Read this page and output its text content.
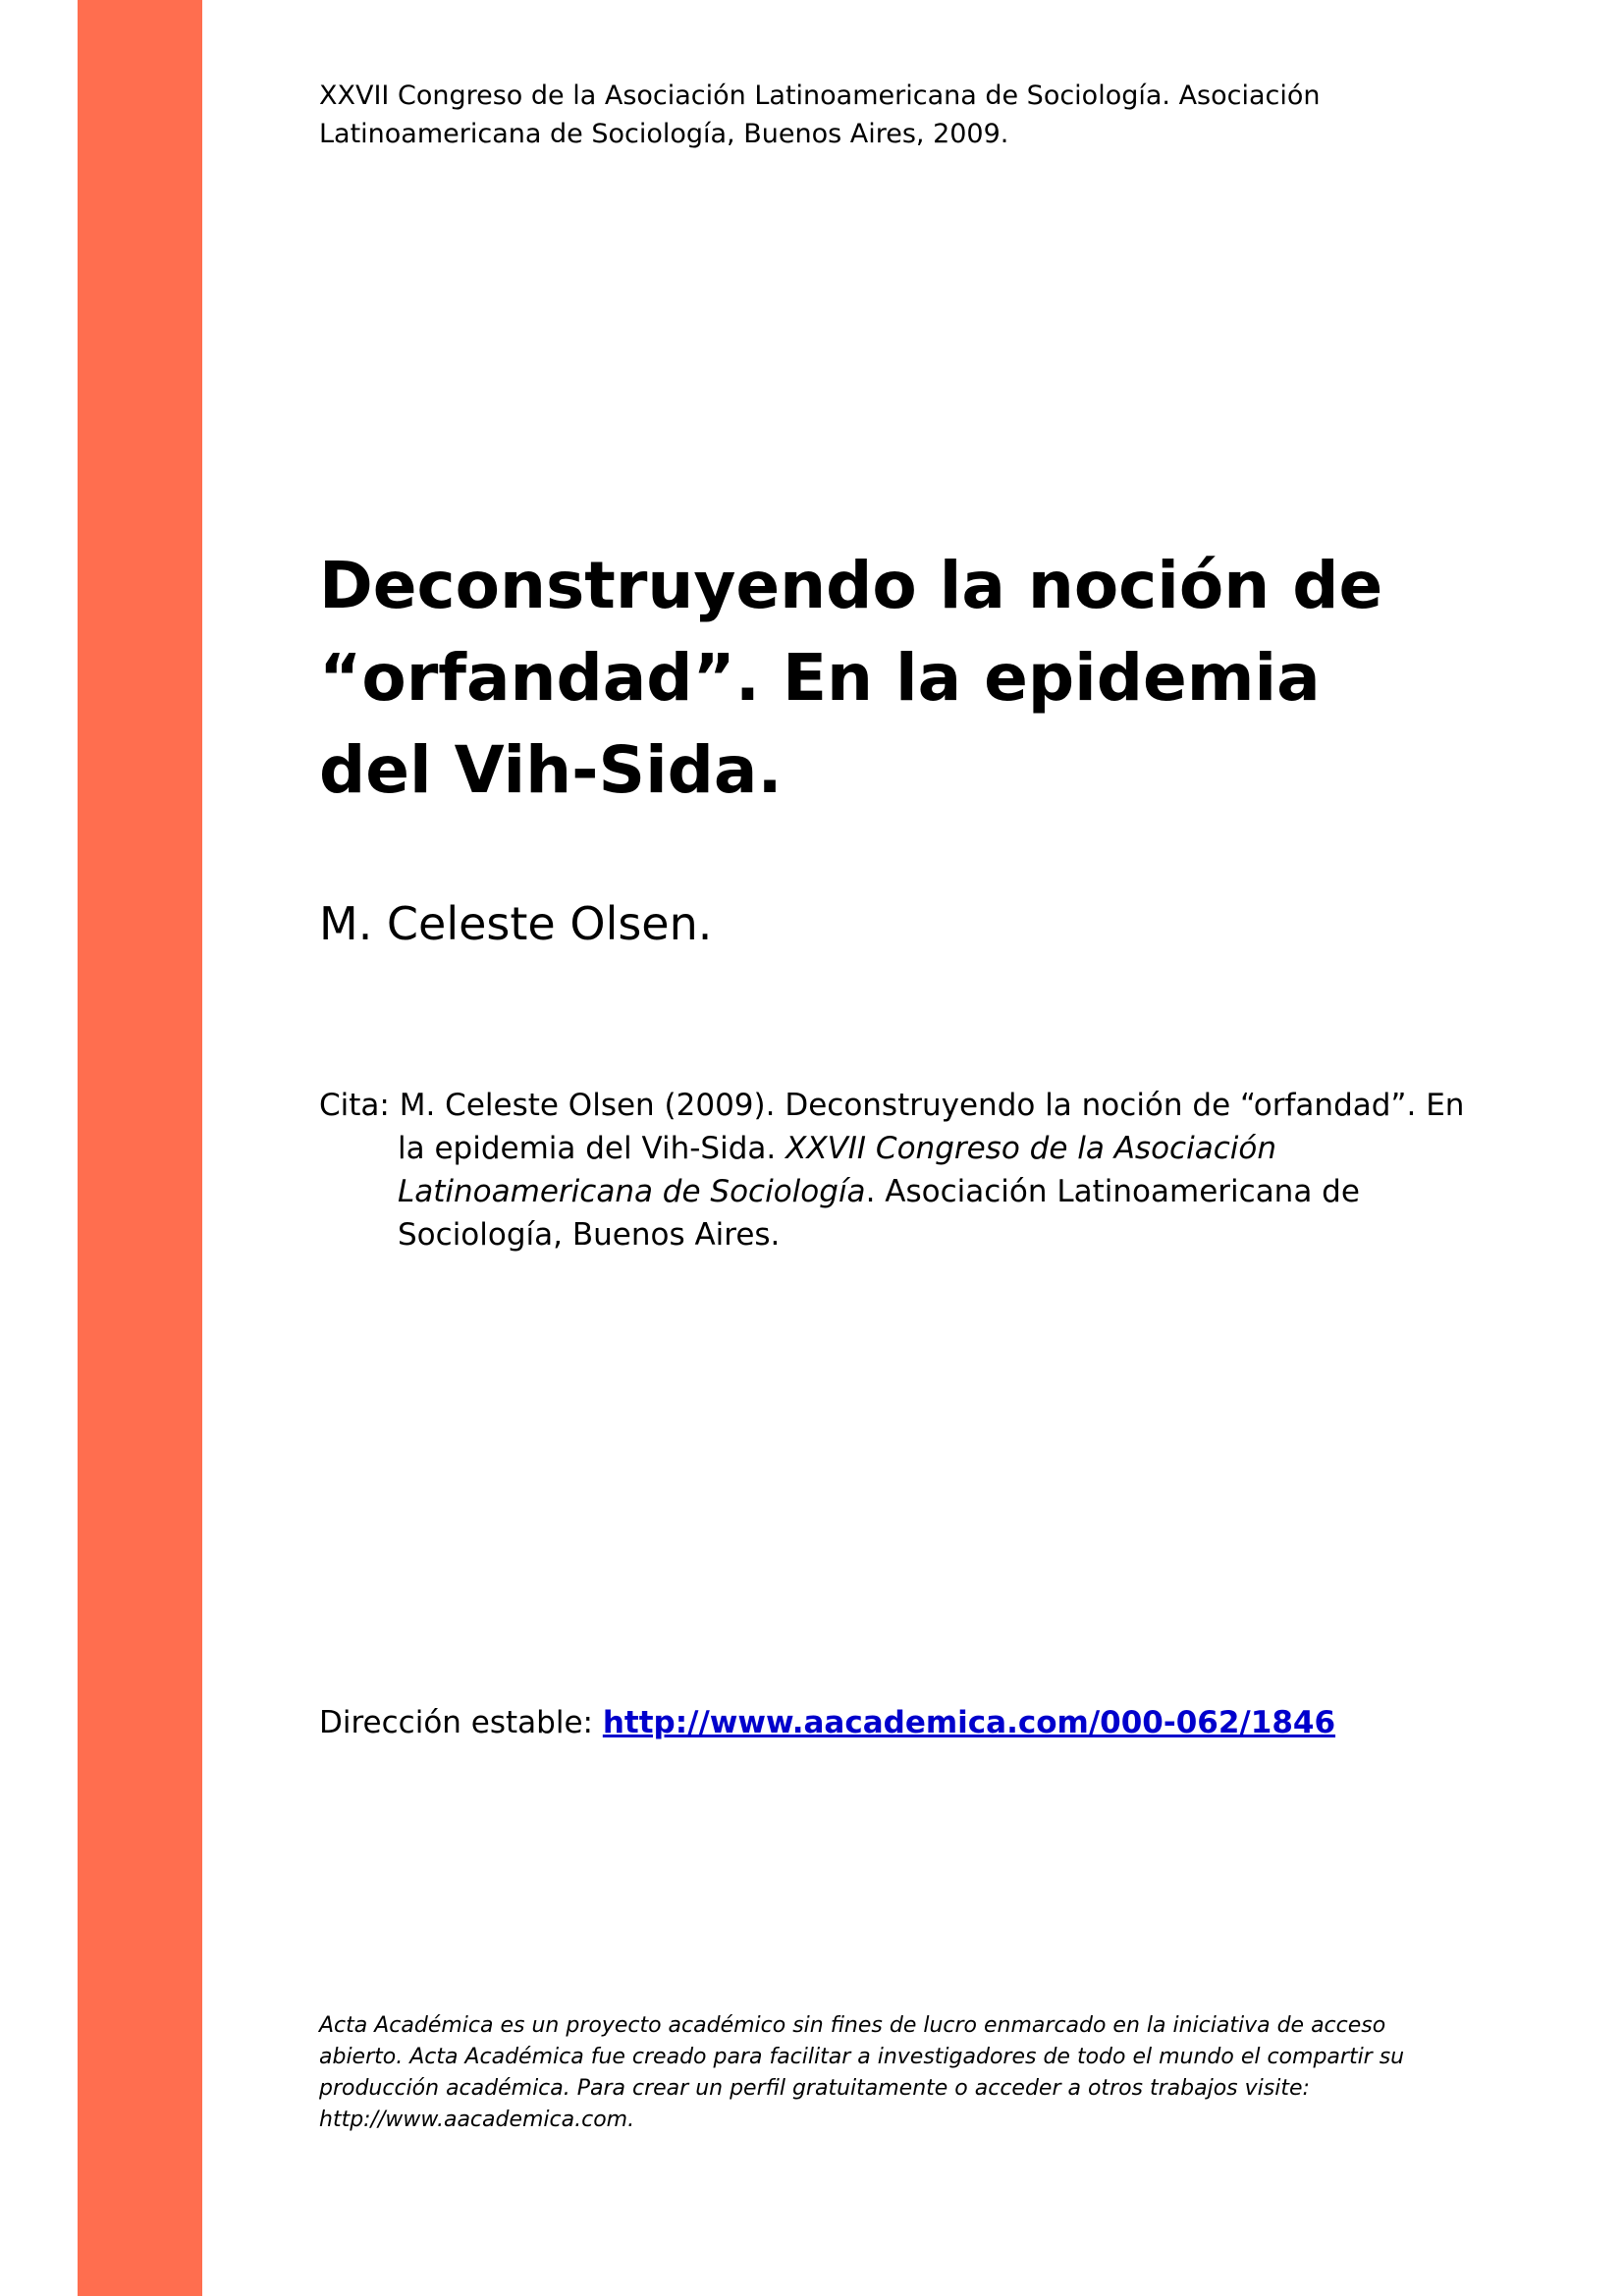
XXVII Congreso de la Asociación Latinoamericana de Sociología. Asociación
Latinoamericana de Sociología, Buenos Aires, 2009.
Deconstruyendo la noción de
“orfandad”. En la epidemia
del Vih-Sida.
M. Celeste Olsen.
Cita: M. Celeste Olsen (2009). Deconstruyendo la noción de “orfandad”. En
la epidemia del Vih-Sida. XXVII Congreso de la Asociación
Latinoamericana de Sociología. Asociación Latinoamericana de
Sociología, Buenos Aires.
Dirección estable: http://www.aacademica.com/000-062/1846
Acta Académica es un proyecto académico sin fines de lucro enmarcado en la iniciativa de acceso
abierto. Acta Académica fue creado para facilitar a investigadores de todo el mundo el compartir su
producción académica. Para crear un perfil gratuitamente o acceder a otros trabajos visite:
http://www.aacademica.com.
